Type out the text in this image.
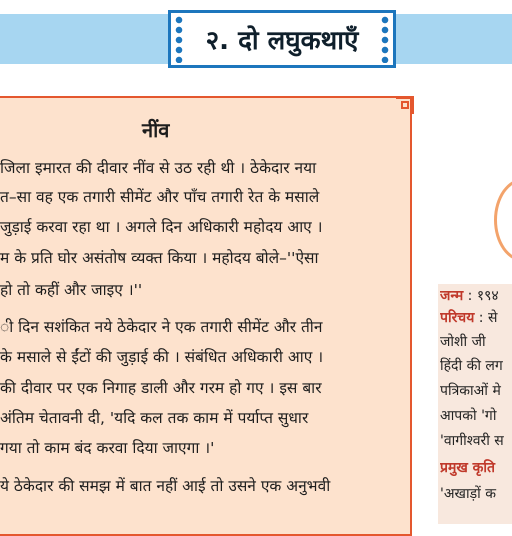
२. दो लघुकथाएँ
नींव
जिला इमारत की दीवार नींव से उठ रही थी । ठेकेदार नया
त–सा वह एक तगारी सीमेंट और पाँच तगारी रेत के मसाले
जुड़ाई करवा रहा था । अगले दिन अधिकारी महोदय आए ।
म के प्रति घोर असंतोष व्यक्त किया । महोदय बोले–''ऐसा
हो तो कहीं और जाइए ।''
ी दिन सशंकित नये ठेकेदार ने एक तगारी सीमेंट और तीन
के मसाले से ईंटों की जुड़ाई की । संबंधित अधिकारी आए ।
की दीवार पर एक निगाह डाली और गरम हो गए । इस बार
अंतिम चेतावनी दी, 'यदि कल तक काम में पर्याप्त सुधार
गया तो काम बंद करवा दिया जाएगा ।'
ये ठेकेदार की समझ में बात नहीं आई तो उसने एक अनुभवी
जन्म : १९४
परिचय : से
जोशी जी
हिंदी की लग
पत्रिकाओं मे
आपको 'गो
'वागीश्वरी स
प्रमुख कृति
'अखाड़ों क
